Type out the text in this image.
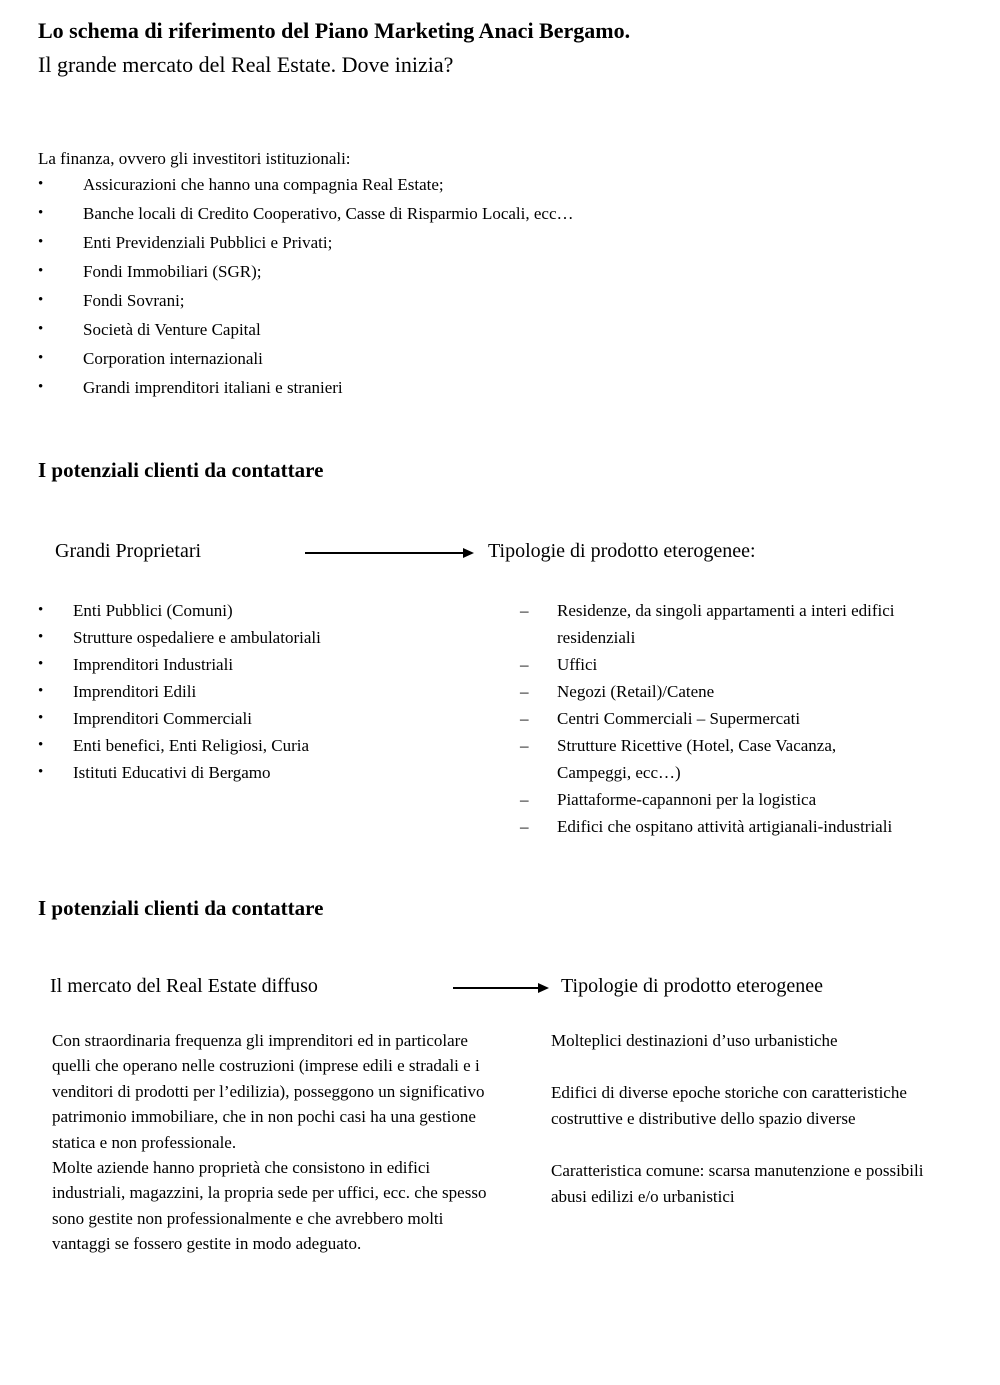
Lo schema di riferimento del Piano Marketing Anaci Bergamo.
Il grande mercato del Real Estate. Dove inizia?
La finanza, ovvero gli investitori istituzionali:
•	Assicurazioni che hanno una compagnia Real Estate;
•	Banche locali di Credito Cooperativo, Casse di Risparmio Locali, ecc…
•	Enti Previdenziali Pubblici e Privati;
•	Fondi Immobiliari (SGR);
•	Fondi Sovrani;
•	Società di Venture Capital
•	Corporation internazionali
•	Grandi imprenditori italiani e stranieri
I potenziali clienti da contattare
Grandi Proprietari	Tipologie di prodotto eterogenee:
•	Enti Pubblici (Comuni)
•	Strutture ospedaliere e ambulatoriali
•	Imprenditori Industriali
•	Imprenditori Edili
•	Imprenditori Commerciali
•	Enti benefici, Enti Religiosi, Curia
•	Istituti Educativi di Bergamo
–	Residenze, da singoli appartamenti a interi edifici residenziali
–	Uffici
–	Negozi (Retail)/Catene
–	Centri Commerciali – Supermercati
–	Strutture Ricettive (Hotel, Case Vacanza, Campeggi, ecc…)
–	Piattaforme-capannoni per la logistica
–	Edifici che ospitano attività artigianali-industriali
I potenziali clienti da contattare
Il mercato del Real Estate diffuso	Tipologie di prodotto eterogenee

Con straordinaria frequenza gli imprenditori ed in particolare quelli che operano nelle costruzioni (imprese edili e stradali e i venditori di prodotti per l’edilizia), posseggono un significativo patrimonio immobiliare, che in non pochi casi ha una gestione statica e non professionale.

Molte aziende hanno proprietà che consistono in edifici industriali, magazzini, la propria sede per uffici, ecc. che spesso sono gestite non professionalmente e che avrebbero molti vantaggi se fossero gestite in modo adeguato.

Molteplici destinazioni d’uso urbanistiche

Edifici di diverse epoche storiche con caratteristiche costruttive e distributive dello spazio diverse

Caratteristica comune: scarsa manutenzione e possibili abusi edilizi e/o urbanistici
